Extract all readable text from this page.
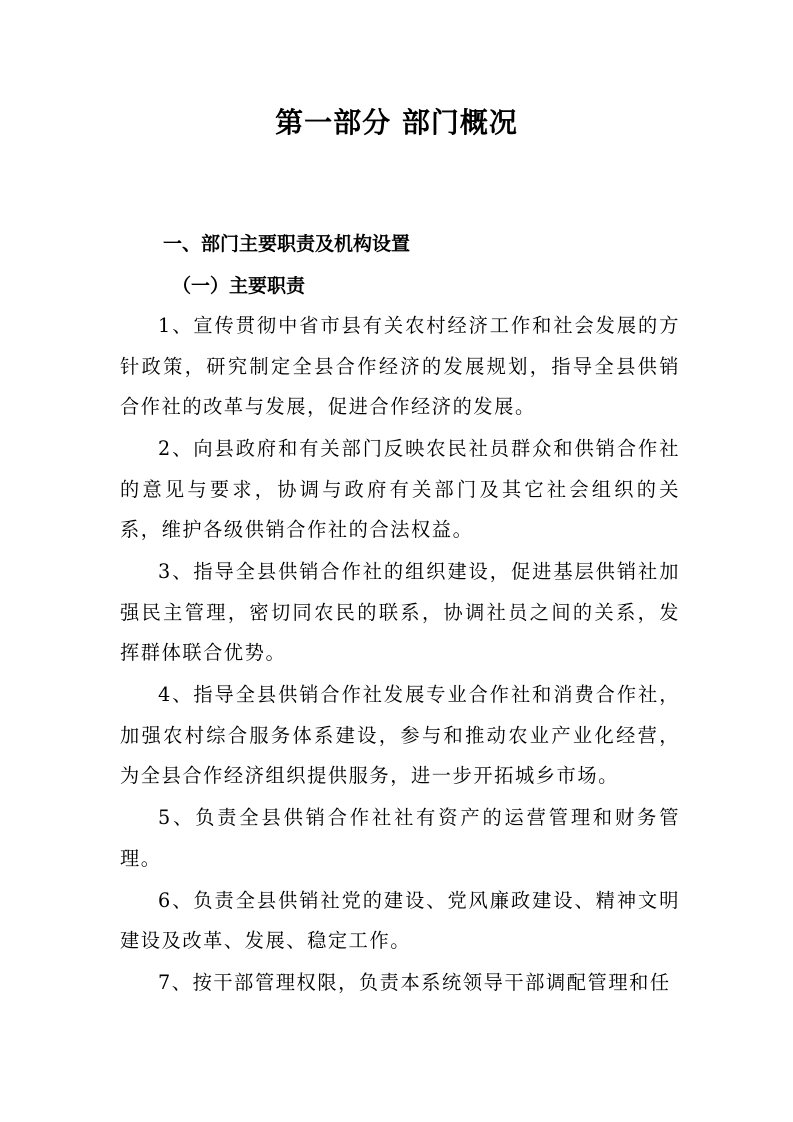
第一部分 部门概况
一、部门主要职责及机构设置
（一）主要职责

1、宣传贯彻中省市县有关农村经济工作和社会发展的方针政策，研究制定全县合作经济的发展规划，指导全县供销合作社的改革与发展，促进合作经济的发展。

2、向县政府和有关部门反映农民社员群众和供销合作社的意见与要求，协调与政府有关部门及其它社会组织的关系，维护各级供销合作社的合法权益。

3、指导全县供销合作社的组织建设，促进基层供销社加强民主管理，密切同农民的联系，协调社员之间的关系，发挥群体联合优势。

4、指导全县供销合作社发展专业合作社和消费合作社，加强农村综合服务体系建设，参与和推动农业产业化经营，为全县合作经济组织提供服务，进一步开拓城乡市场。

5、负责全县供销合作社社有资产的运营管理和财务管理。

6、负责全县供销社党的建设、党风廉政建设、精神文明建设及改革、发展、稳定工作。

7、按干部管理权限，负责本系统领导干部调配管理和任
